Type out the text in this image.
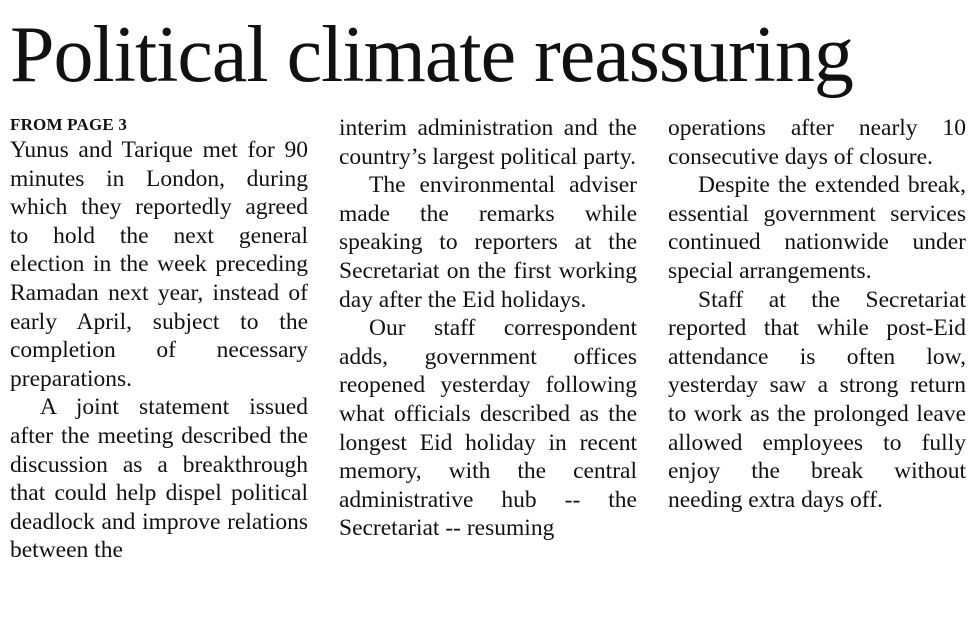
Political climate reassuring
FROM PAGE 3

Yunus and Tarique met for 90 minutes in London, during which they reportedly agreed to hold the next general election in the week preceding Ramadan next year, instead of early April, subject to the completion of necessary preparations.

A joint statement issued after the meeting described the discussion as a breakthrough that could help dispel political deadlock and improve relations between the

interim administration and the country’s largest political party.

The environmental adviser made the remarks while speaking to reporters at the Secretariat on the first working day after the Eid holidays.

Our staff correspondent adds, government offices reopened yesterday following what officials described as the longest Eid holiday in recent memory, with the central administrative hub -- the Secretariat -- resuming

operations after nearly 10 consecutive days of closure.

Despite the extended break, essential government services continued nationwide under special arrangements.

Staff at the Secretariat reported that while post-Eid attendance is often low, yesterday saw a strong return to work as the prolonged leave allowed employees to fully enjoy the break without needing extra days off.
